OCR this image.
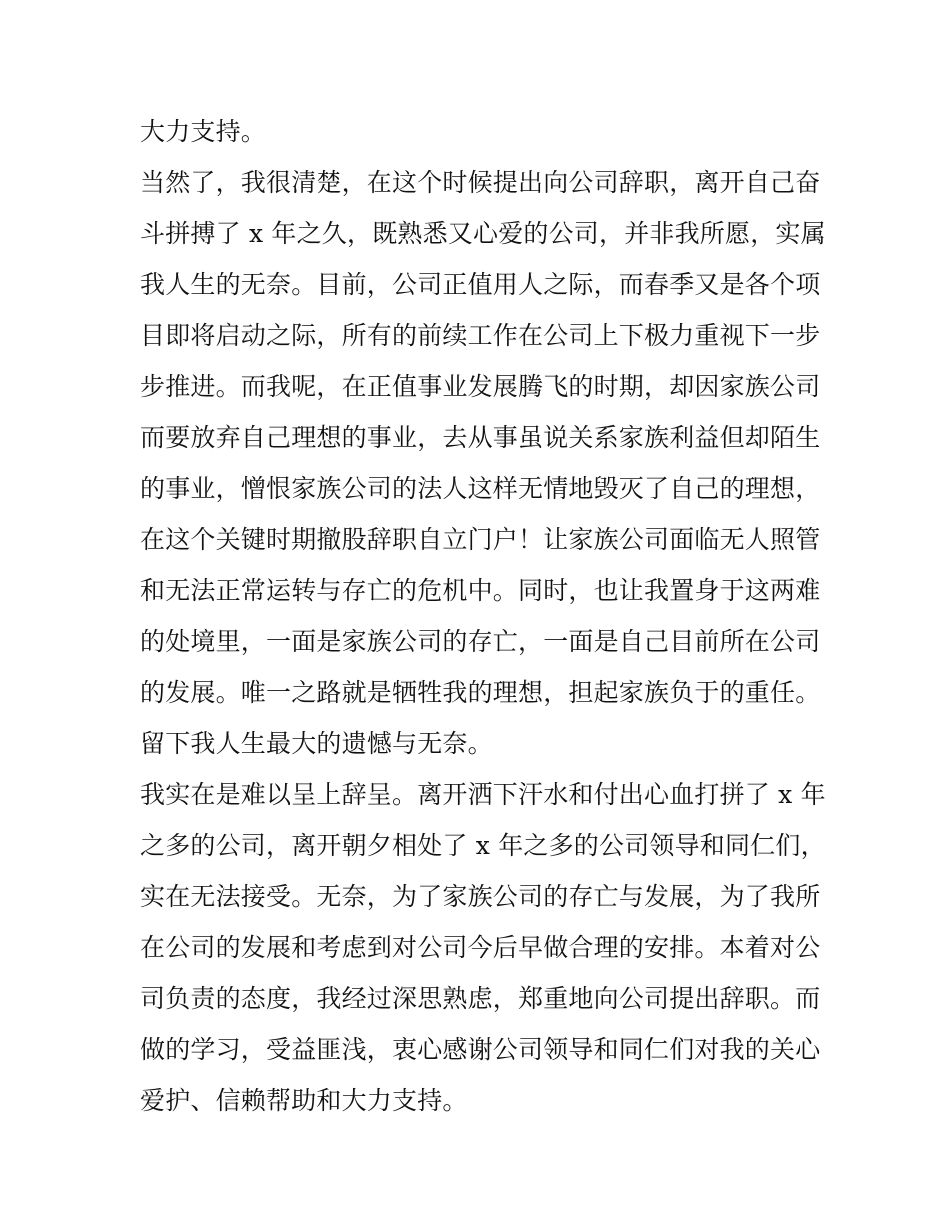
大力支持。
当然了，我很清楚，在这个时候提出向公司辞职，离开自己奋
斗拼搏了 x 年之久，既熟悉又心爱的公司，并非我所愿，实属
我人生的无奈。目前，公司正值用人之际，而春季又是各个项
目即将启动之际，所有的前续工作在公司上下极力重视下一步
步推进。而我呢，在正值事业发展腾飞的时期，却因家族公司
而要放弃自己理想的事业，去从事虽说关系家族利益但却陌生
的事业，憎恨家族公司的法人这样无情地毁灭了自己的理想，
在这个关键时期撤股辞职自立门户！让家族公司面临无人照管
和无法正常运转与存亡的危机中。同时，也让我置身于这两难
的处境里，一面是家族公司的存亡，一面是自己目前所在公司
的发展。唯一之路就是牺牲我的理想，担起家族负于的重任。
留下我人生最大的遗憾与无奈。
我实在是难以呈上辞呈。离开洒下汗水和付出心血打拼了 x 年
之多的公司，离开朝夕相处了 x 年之多的公司领导和同仁们，
实在无法接受。无奈，为了家族公司的存亡与发展，为了我所
在公司的发展和考虑到对公司今后早做合理的安排。本着对公
司负责的态度，我经过深思熟虑，郑重地向公司提出辞职。而
做的学习，受益匪浅，衷心感谢公司领导和同仁们对我的关心
爱护、信赖帮助和大力支持。
